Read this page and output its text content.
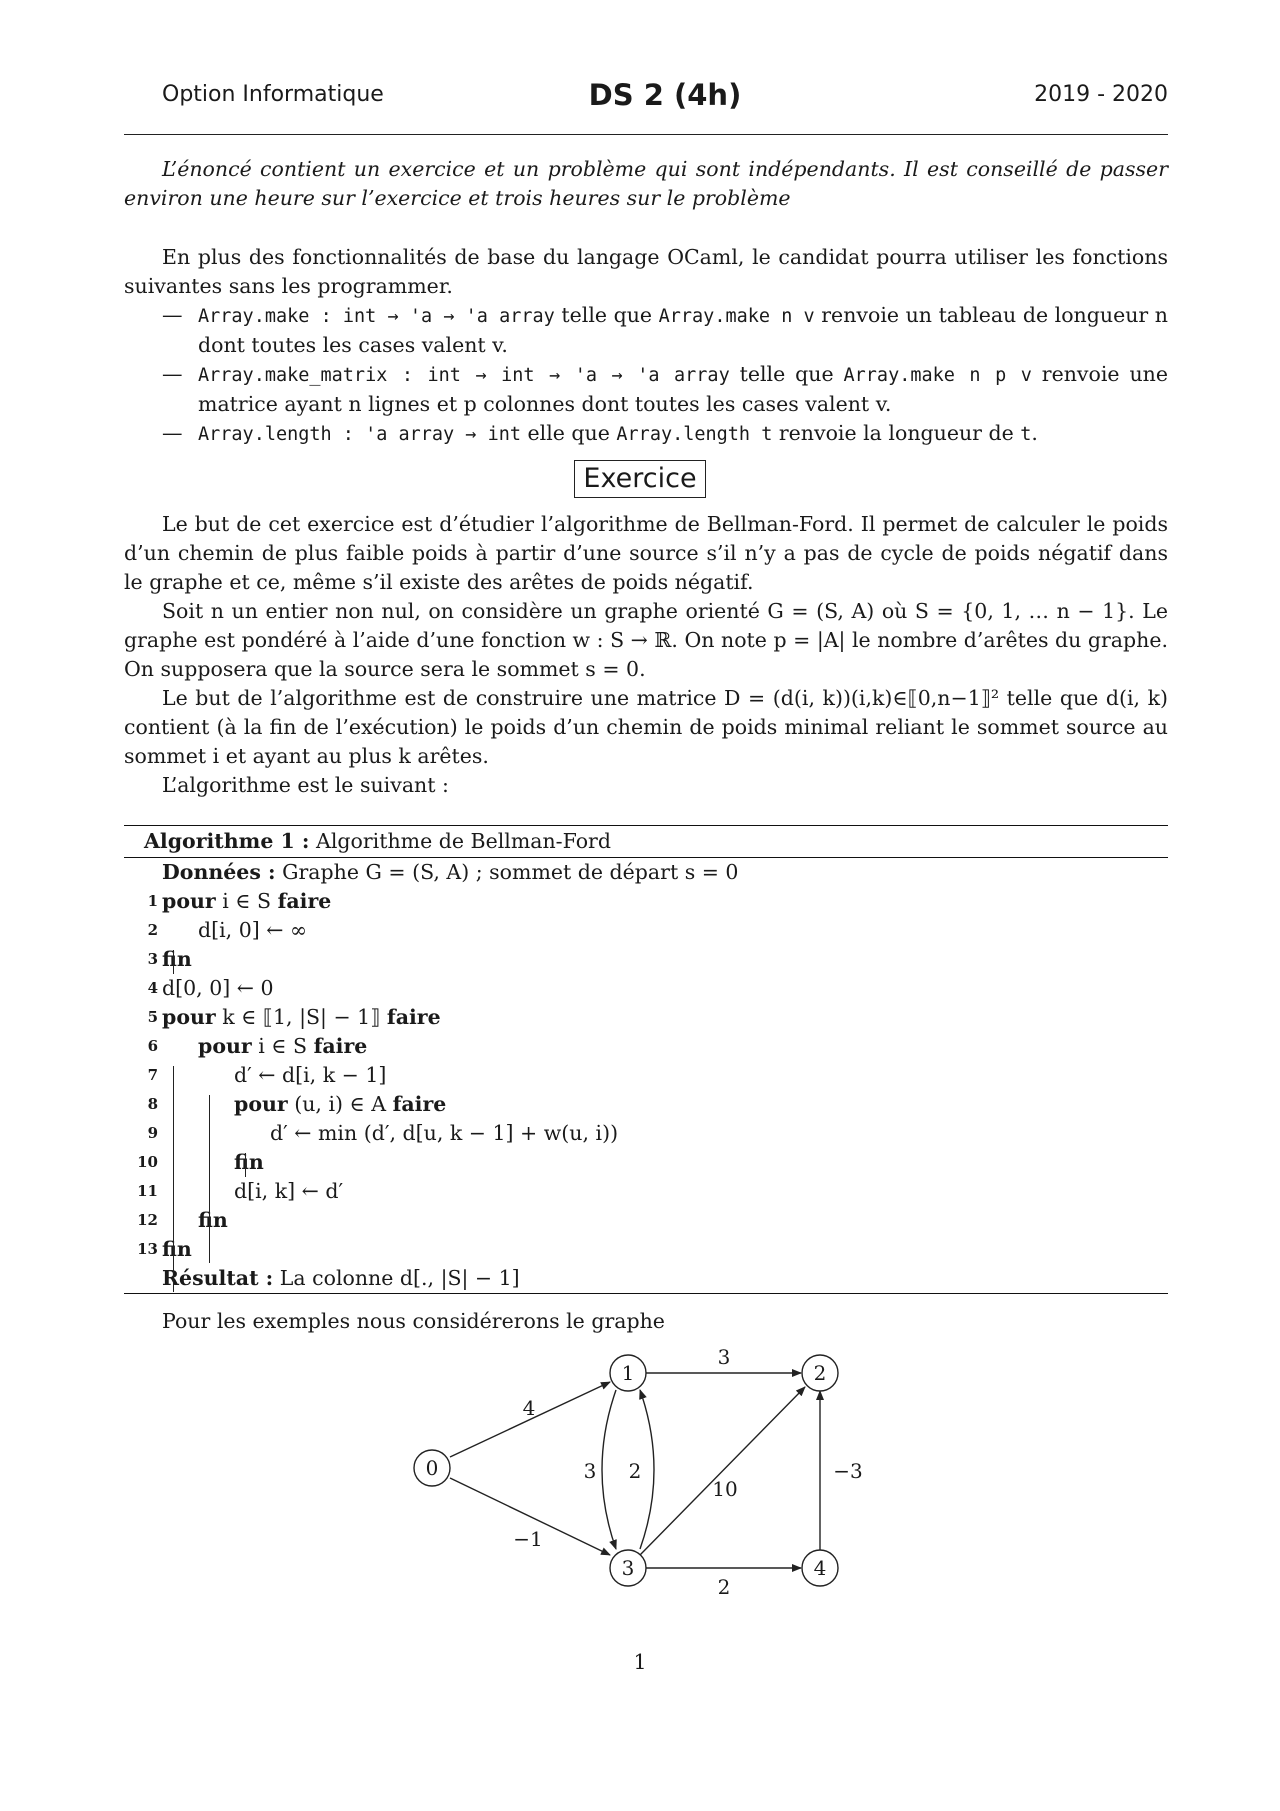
Option Informatique	DS 2 (4h)	2019 - 2020

L’énoncé contient un exercice et un problème qui sont indépendants. Il est conseillé de passer environ une heure sur l’exercice et trois heures sur le problème

En plus des fonctionnalités de base du langage OCaml, le candidat pourra utiliser les fonctions suivantes sans les programmer.

— Array.make : int → 'a → 'a array telle que Array.make n v renvoie un tableau de longueur n dont toutes les cases valent v.
— Array.make_matrix : int → int → 'a → 'a array telle que Array.make n p v renvoie une matrice ayant n lignes et p colonnes dont toutes les cases valent v.
— Array.length : 'a array → int elle que Array.length t renvoie la longueur de t.
Exercice

Le but de cet exercice est d’étudier l’algorithme de Bellman-Ford. Il permet de calculer le poids d’un chemin de plus faible poids à partir d’une source s’il n’y a pas de cycle de poids négatif dans le graphe et ce, même s’il existe des arêtes de poids négatif.

Soit n un entier non nul, on considère un graphe orienté G = (S, A) où S = {0, 1, … n − 1}. Le graphe est pondéré à l’aide d’une fonction w : S → ℝ. On note p = |A| le nombre d’arêtes du graphe. On supposera que la source sera le sommet s = 0.

Le but de l’algorithme est de construire une matrice D = (d(i, k))(i,k)∈⟦0,n−1⟧² telle que d(i, k) contient (à la fin de l’exécution) le poids d’un chemin de poids minimal reliant le sommet source au sommet i et ayant au plus k arêtes.

L’algorithme est le suivant :

Algorithme 1 : Algorithme de Bellman-Ford
Données : Graphe G = (S, A) ; sommet de départ s = 0
1 pour i ∈ S faire
2 d[i, 0] ← ∞
3 fin
4 d[0, 0] ← 0
5 pour k ∈ ⟦1, |S| − 1⟧ faire
6 pour i ∈ S faire
7	d′ ← d[i, k − 1]
8	pour (u, i) ∈ A faire
9	d′ ← min (d′, d[u, k − 1] + w(u, i))
10	fin
11	d[i, k] ← d′
12 fin
13 fin
Résultat : La colonne d[., |S| − 1]

Pour les exemples nous considérerons le graphe

0
1	2
3	4
4
−1
3
3 2
10
2
−3
1
